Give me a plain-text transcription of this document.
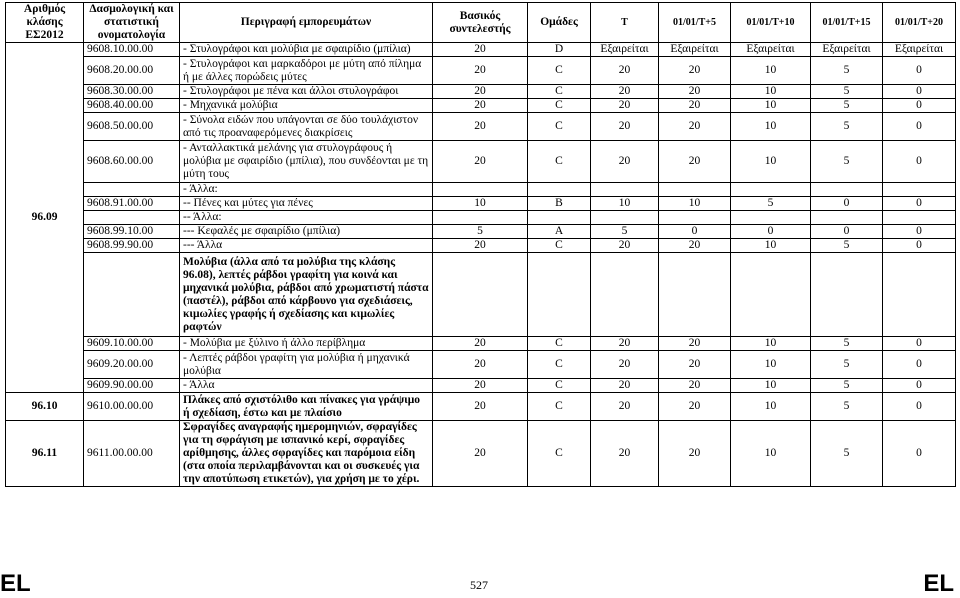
Αριθμός κλάσης ΕΣ2012	Δασμολογική και στατιστική ονοματολογία	Περιγραφή εμπορευμάτων	Βασικός συντελεστής	Ομάδες	T	01/01/T+5	01/01/T+10	01/01/T+15	01/01/T+20
96.09	9608.10.00.00	- Στυλογράφοι και μολύβια με σφαιρίδιο (μπίλια)	20	D	Εξαιρείται	Εξαιρείται	Εξαιρείται	Εξαιρείται	Εξαιρείται
	9608.20.00.00	- Στυλογράφοι και μαρκαδόροι με μύτη από πίλημα ή με άλλες πορώδεις μύτες	20	C	20	20	10	5	0
	9608.30.00.00	- Στυλογράφοι με πένα και άλλοι στυλογράφοι	20	C	20	20	10	5	0
	9608.40.00.00	- Μηχανικά μολύβια	20	C	20	20	10	5	0
	9608.50.00.00	- Σύνολα ειδών που υπάγονται σε δύο τουλάχιστον από τις προαναφερόμενες διακρίσεις	20	C	20	20	10	5	0
	9608.60.00.00	- Ανταλλακτικά μελάνης για στυλογράφους ή μολύβια με σφαιρίδιο (μπίλια), που συνδέονται με τη μύτη τους	20	C	20	20	10	5	0
		- Άλλα:							
	9608.91.00.00	-- Πένες και μύτες για πένες	10	B	10	10	5	0	0
		-- Άλλα:							
	9608.99.10.00	--- Κεφαλές με σφαιρίδιο (μπίλια)	5	A	5	0	0	0	0
	9608.99.90.00	--- Άλλα	20	C	20	20	10	5	0
		Μολύβια (άλλα από τα μολύβια της κλάσης 96.08), λεπτές ράβδοι γραφίτη για κοινά και μηχανικά μολύβια, ράβδοι από χρωματιστή πάστα (παστέλ), ράβδοι από κάρβουνο για σχεδιάσεις, κιμωλίες γραφής ή σχεδίασης και κιμωλίες ραφτών							
	9609.10.00.00	- Μολύβια με ξύλινο ή άλλο περίβλημα	20	C	20	20	10	5	0
	9609.20.00.00	- Λεπτές ράβδοι γραφίτη για μολύβια ή μηχανικά μολύβια	20	C	20	20	10	5	0
	9609.90.00.00	- Άλλα	20	C	20	20	10	5	0
96.10	9610.00.00.00	Πλάκες από σχιστόλιθο και πίνακες για γράψιμο ή σχεδίαση, έστω και με πλαίσιο	20	C	20	20	10	5	0
96.11	9611.00.00.00	Σφραγίδες αναγραφής ημερομηνιών, σφραγίδες για τη σφράγιση με ισπανικό κερί, σφραγίδες αρίθμησης, άλλες σφραγίδες και παρόμοια είδη (στα οποία περιλαμβάνονται και οι συσκευές για την αποτύπωση ετικετών), για χρήση με το χέρι.	20	C	20	20	10	5	0
EL	527	EL
